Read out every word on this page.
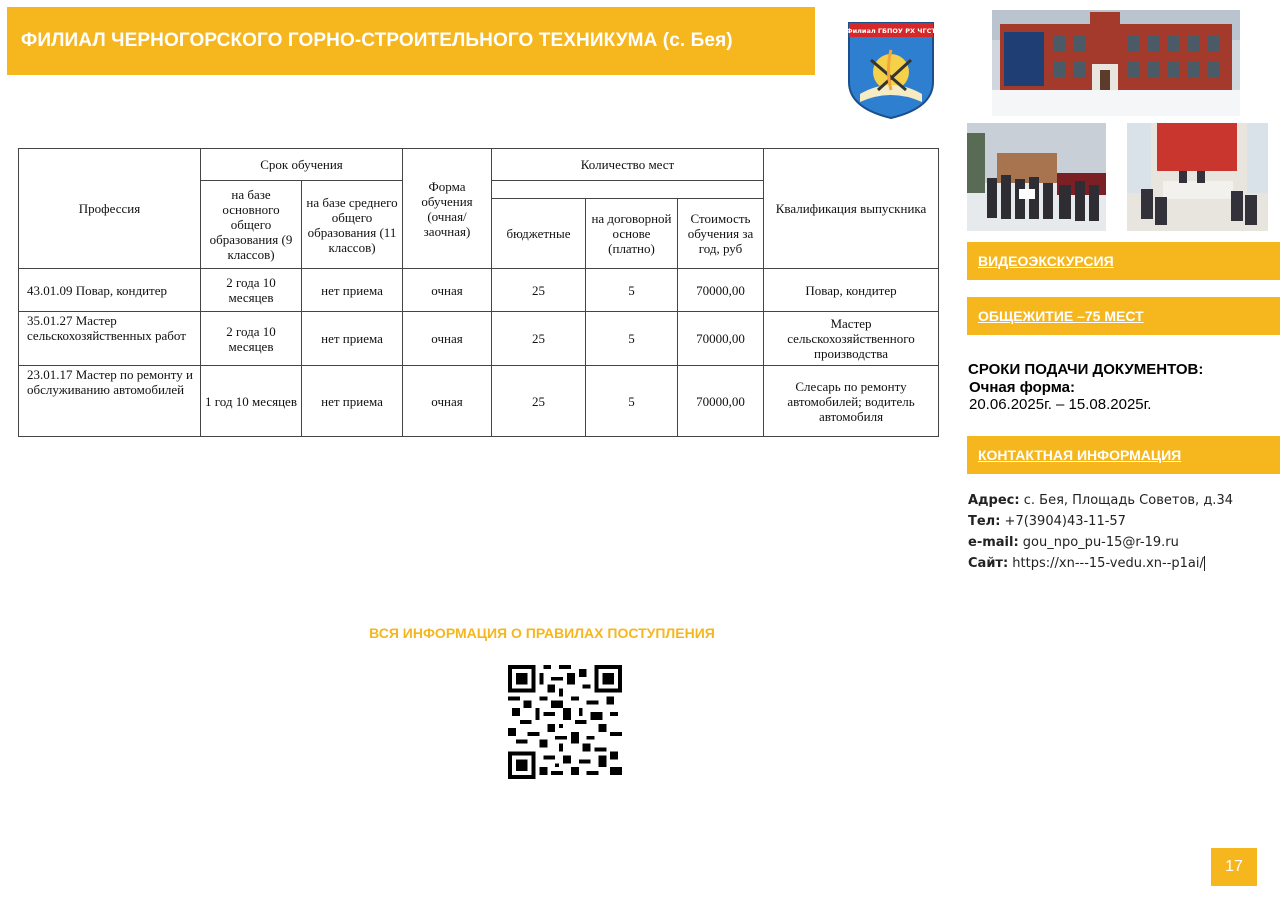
ФИЛИАЛ ЧЕРНОГОРСКОГО ГОРНО-СТРОИТЕЛЬНОГО ТЕХНИКУМА (с. Бея)	Филиал ГБПОУ РХ ЧГСТ
Профессия	Срок обучения		Форма обучения (очная/ заочная)	Количество мест			Квалификация выпускника
	на базе основного общего образования (9 классов)	на базе среднего общего образования (11 классов)					
				бюджетные	на договорной основе (платно)	Стоимость обучения за год, руб	
43.01.09 Повар, кондитер	2 года 10 месяцев	нет приема	очная	25	5	70000,00	Повар, кондитер
35.01.27 Мастер сельскохозяйственных работ	2 года 10 месяцев	нет приема	очная	25	5	70000,00	Мастер сельскохозяйственного производства
23.01.17 Мастер по ремонту и обслуживанию автомобилей	1 год 10 месяцев	нет приема	очная	25	5	70000,00	Слесарь по ремонту автомобилей; водитель автомобиля
ВИДЕОЭКСКУРСИЯ
ОБЩЕЖИТИЕ –75 МЕСТ
СРОКИ ПОДАЧИ ДОКУМЕНТОВ:
Очная форма:
20.06.2025г. – 15.08.2025г.
КОНТАКТНАЯ ИНФОРМАЦИЯ
Адрес: с. Бея, Площадь Советов, д.34
Тел: +7(3904)43-11-57
e-mail: gou_npo_pu-15@r-19.ru
Сайт: https://xn---15-vedu.xn--p1ai/
ВСЯ ИНФОРМАЦИЯ О ПРАВИЛАХ ПОСТУПЛЕНИЯ
17
